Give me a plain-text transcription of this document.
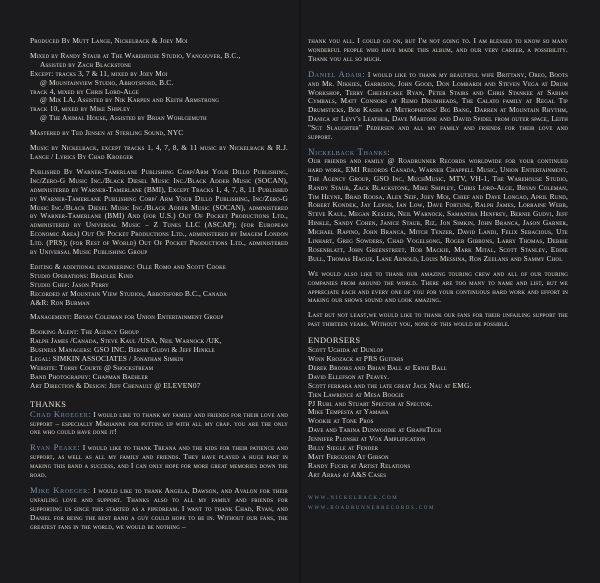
Produced By Mutt Lange, Nickelback & Joey Moi

Mixed by Randy Staub at The Warehouse Studio, Vancouver, B.C.,
Assisted by Zach Blackstone
Except: tracks 3, 7 & 11, mixed by Joey Moi
@ Mountainview Studio, Abbotsford, B.C.
track 4, mixed by Chris Lord-Alge
@ Mix LA, Assisted by Nik Karpen and Keith Armstrong
track 10, mixed by Mike Shipley
@ The Animal House, Assisted by Brian Wohlgemuth

Mastered by Ted Jensen at Sterling Sound, NYC

Music by Nickelback, except tracks 1, 4, 7, 8, & 11 music by Nickelback & R.J. Lange / Lyrics By Chad Kroeger

Published By Warner-Tamerlane Publishing Corp/Arm Your Dillo Publishing, Inc/Zero-G Music Inc./Black Diesel Music Inc./Black Adder Music (SOCAN), administered by Warner-Tamerlane (BMI), Except Tracks 1, 4, 7, 8, 11 Published by Warner-Tamerlane Publishing Corp/ Arm Your Dillo Publishing, Inc/Zero-G Music Inc./Black Diesel Music Inc./Black Adder Music (SOCAN), administered by Warner-Tamerlane (BMI) And (for U.S.) Out Of Pocket Productions Ltd., administered by Universal Music – Z Tunes LLC (ASCAP); (for European Economic Area) Out Of Pocket Productions Ltd., administered by Imagem London Ltd. (PRS); (for Rest of World) Out Of Pocket Productions Ltd., administered by Universal Music Publishing Group

Editing & additional engineering: Olle Romo and Scott Cooke
Studio Operations: Bradlee Kind
Studio Chef: Jason Perry
Recorded at Mountain View Studios, Abbotsford B.C., Canada
A&R: Ron Burman

Management: Bryan Coleman for Union Entertainment Group

Booking Agent: The Agency Group
Ralph James /Canada, Steve Kaul /USA, Neil Warnock /UK,
Business Managers: GSO INC. Bernie Gudvi & Jeff Hinkle
Legal: SIMKIN ASSOCIATES / Jonathan Simkin
Website: Torry Courte @ Shockstream
Band Photography: Chapman Baehler
Art Direction & Design: Jeff Chenault @ ELEVEN07
THANKS

Chad Kroeger: I would like to thank my family and friends for their love and support – especially Marianne for putting up with all my crap. you are the only one who could have done it!

Ryan Peake: I would like to thank Treana and the kids for their patience and support, as well as all my family and friends. They have played a huge part in making this band a success, and I can only hope for more great memories down the road.

Mike Kroeger: I would like to thank Angela, Dawson, and Avalon for their unfailing love and support. Thanks also to all my family and friends for supporting us since this started as a pipedream. I want to thank Chad, Ryan, and Daniel for being the best band a guy could hope to be in. Without our fans, the greatest fans in the world, we would be nothing –

thank you all. I could go on, but I'm not going to. I am blessed to know so many wonderful people who have made this album, and our very career, a possibility. Thank you all so much.

Daniel Adair: I would like to thank my beautiful wife Brittany, Oreo, Boots and Mr. Nikkies, Garrison, John Good, Don Lombardi and Steven Vega at Drum Workshop, Terry Cheesecake Ryan, Peter Stairs and Chris Stankee at Sabian Cymbals, Matt Connors at Remo Drumheads, The Calato family at Regal Tip Drumsticks, Bob Kasha at Metrophones/ Big Bang, Darren at Mountain Rhythm, Danica at Levy's Leather, Dave Martone and David Spidel from outer space, Leith "Sgt Slaughter" Pedersen and all my family and friends for their love and support.

Nickelback Thanks:
Our friends and family @ Roadrunner Records worldwide for your continued hard work, EMI Records Canada, Warner Chappell Music, Union Entertainment, The Agency Group, GSO Inc, MuchMusic, MTV, VH-1, The Warehouse Studio, Randy Staub, Zack Blackstone, Mike Shipley, Chris Lord-Alge, Bryan Coleman, Tim Heyne, Brad Roosa, Alex Seif, Joey Moi, Chief and Dave Longao, April Rund, Robert Kondek, Jay Lepsis, Ian Low, Dave Fortune, Ralph James, Lorraine Webb, Steve Kaul, Megan Kesler, Neil Warnock, Samantha Henfrey, Bernie Gudvi, Jeff Hinkle, Sandy Cohen, Janice Staub, Riz, Jon Simkin, John Branca, Jason Garner, Michael Rapino, John Branca, Mitch Tenzer, David Landi, Felix Sebacious, Ute Linhart, Greg Sowders, Chad Vogelsong, Roger Gibbons, Larry Thomas, Debbie Rosenblatt, John Greenstreet, Rob Mackie, Mark Mital, Scott Stanley, Eddie Bull, Thomas Hague, Lane Arnold, Louis Messina, Ron Zeelans and Sammy Choi.

We would also like to thank our amazing touring crew and all of our touring companies from around the world. There are too many to name and list, but we appreciate each and every one of you for your continuous hard work and effort in making our shows sound and look amazing.

Last but not least,we would like to thank our fans for their unfailing support the past thirteen years. Without you, none of this would be possible.

ENDORSERS
Scott Uchida at Dunlop
Winn Krozack at PRS Guitars
Derek Brooks and Brian Ball at Ernie Ball
David Ellefson at Peavey.
Scott ferrara and the late great Jack Nau at EMG.
Tien Lawrence at Mesa Boogie
PJ Rubl and Stuart Spector at Spector.
Mike Tempesta at Yamaha
Wookie at Tone Pros
Dave and Tarina Dunwoodie at GraphTech
Jennifer Plonski at Vox Amplification
Billy Siegle at Fender
Matt Ferguson At Gibson
Randy Fuchs at Artist Relations
Art Arras at A&S Cases
www.nickelback.com
www.roadrunnerrecords.com
